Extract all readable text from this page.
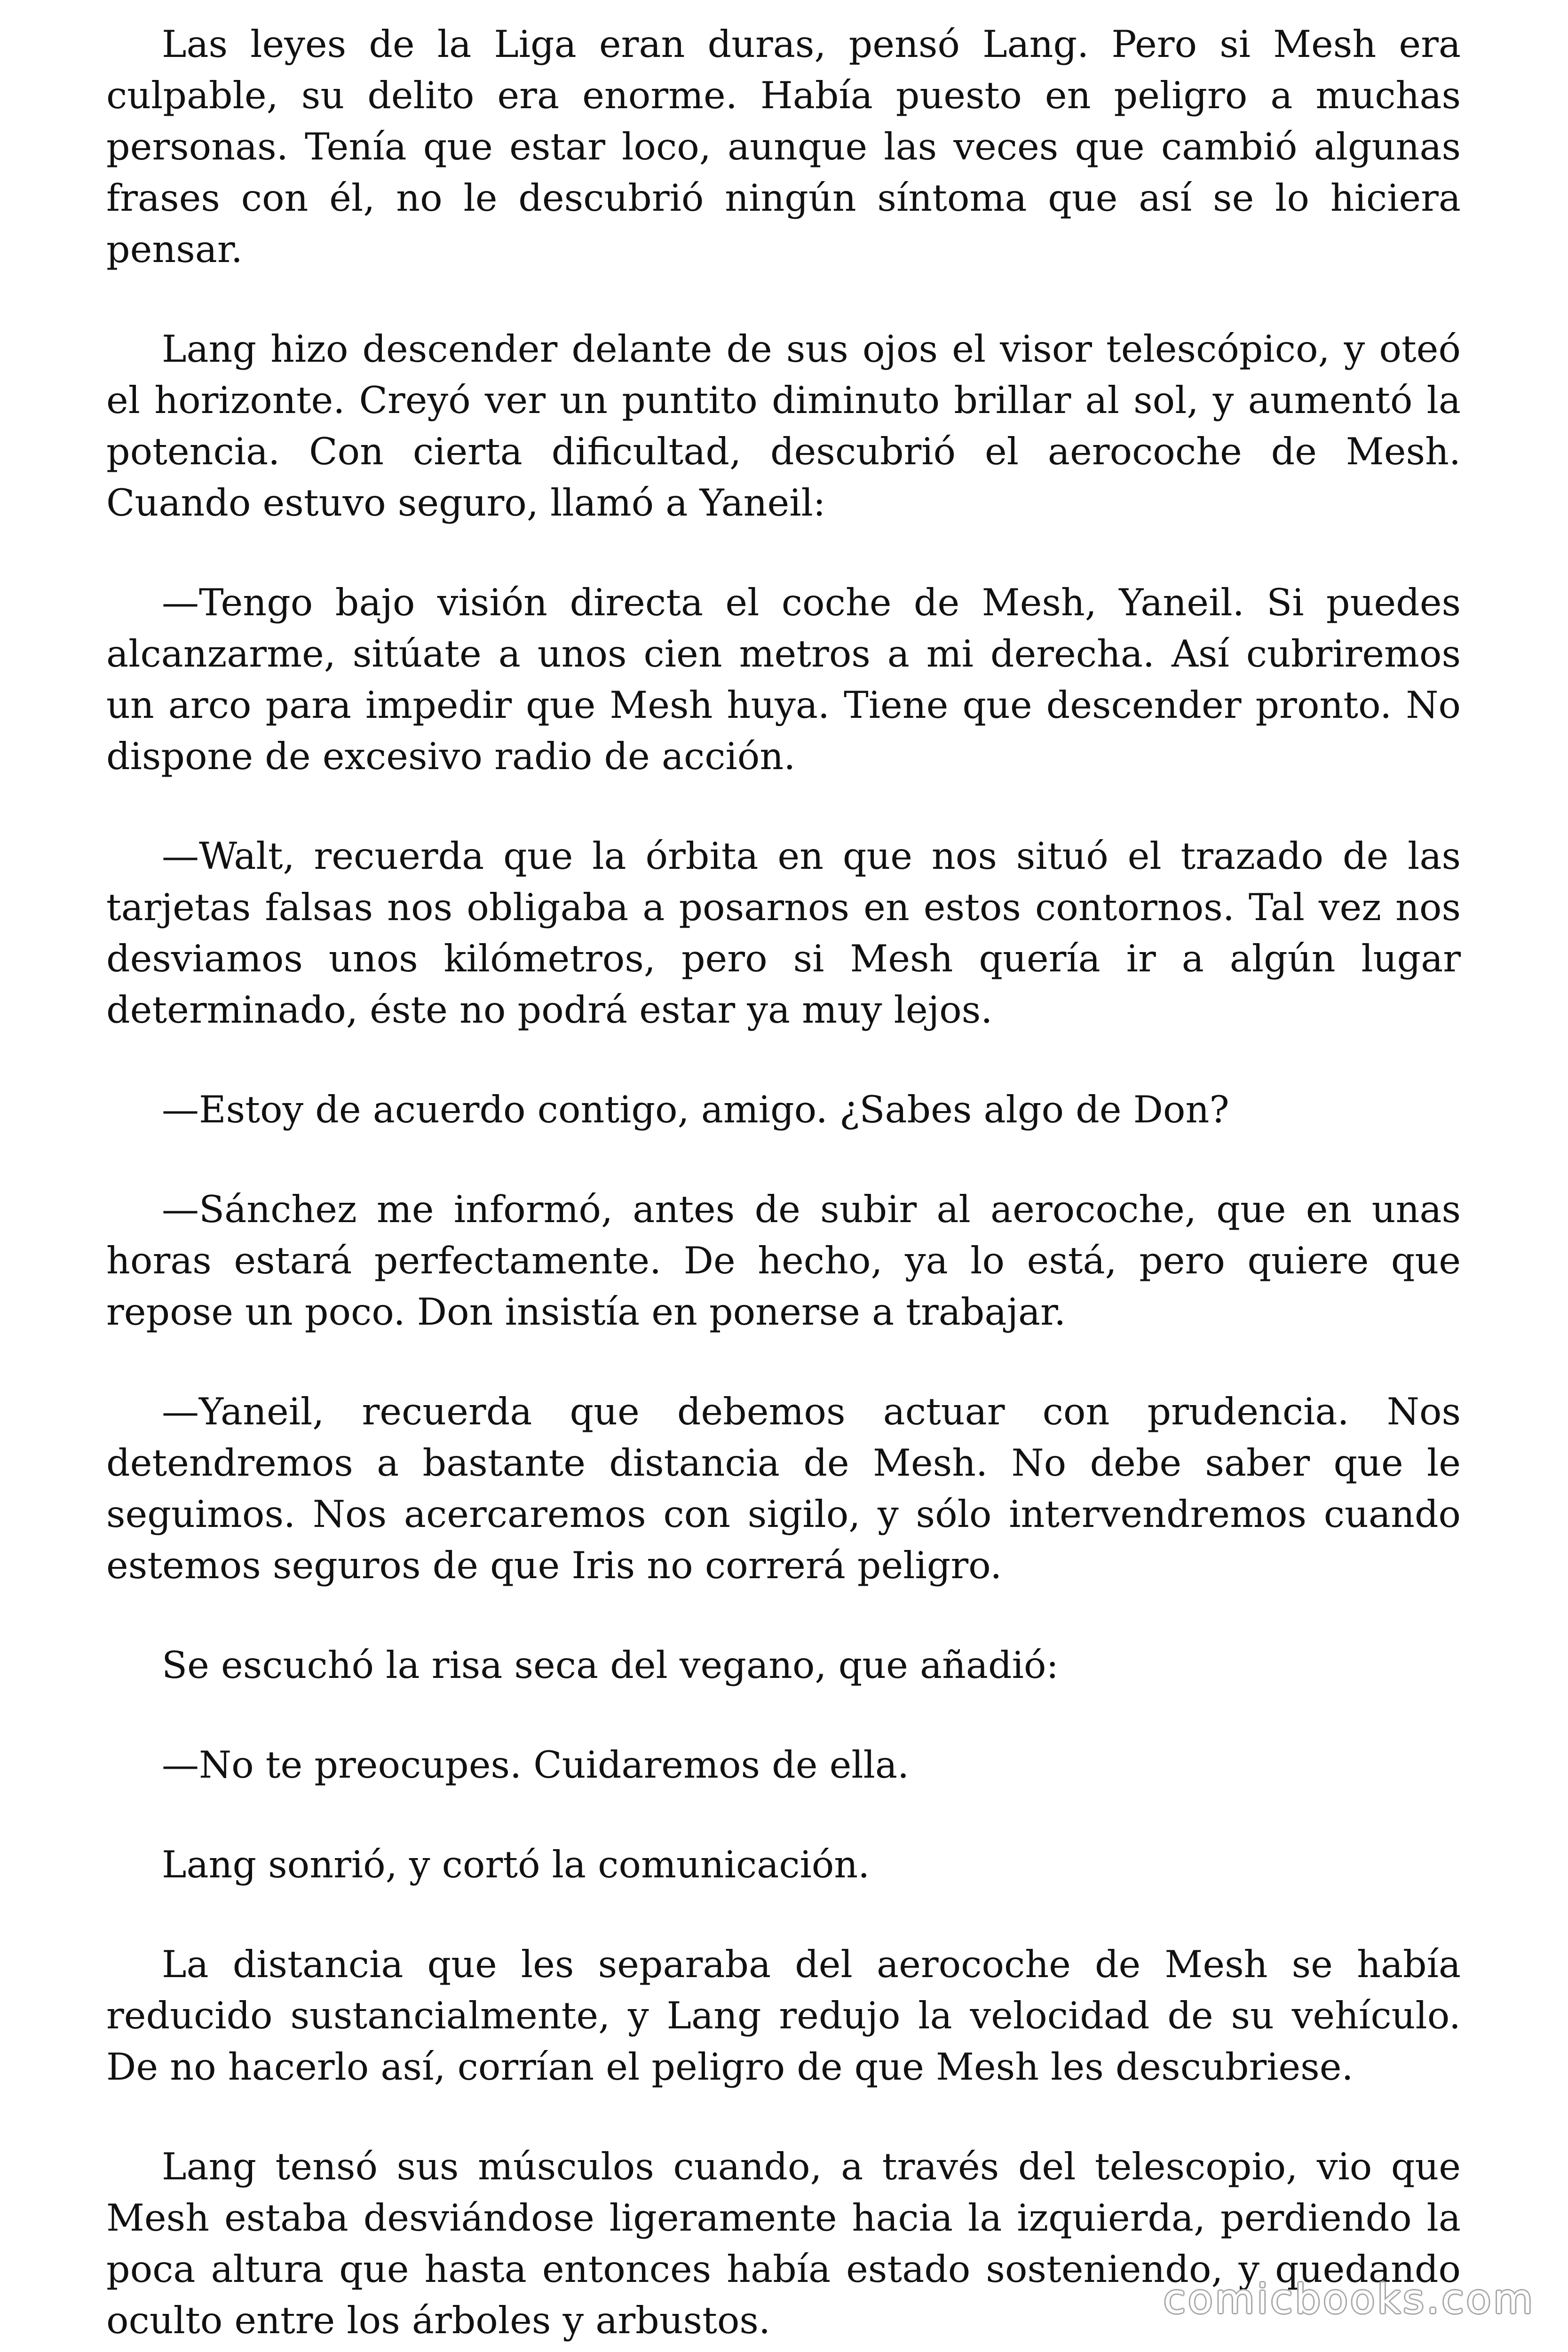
Las leyes de la Liga eran duras, pensó Lang. Pero si Mesh era culpable, su delito era enorme. Había puesto en peligro a muchas personas. Tenía que estar loco, aunque las veces que cambió algunas frases con él, no le descubrió ningún síntoma que así se lo hiciera pensar.

Lang hizo descender delante de sus ojos el visor telescópico, y oteó el horizonte. Creyó ver un puntito diminuto brillar al sol, y aumentó la potencia. Con cierta dificultad, descubrió el aerocoche de Mesh. Cuando estuvo seguro, llamó a Yaneil:

—Tengo bajo visión directa el coche de Mesh, Yaneil. Si puedes alcanzarme, sitúate a unos cien metros a mi derecha. Así cubriremos un arco para impedir que Mesh huya. Tiene que descender pronto. No dispone de excesivo radio de acción.

—Walt, recuerda que la órbita en que nos situó el trazado de las tarjetas falsas nos obligaba a posarnos en estos contornos. Tal vez nos desviamos unos kilómetros, pero si Mesh quería ir a algún lugar determinado, éste no podrá estar ya muy lejos.

—Estoy de acuerdo contigo, amigo. ¿Sabes algo de Don?

—Sánchez me informó, antes de subir al aerocoche, que en unas horas estará perfectamente. De hecho, ya lo está, pero quiere que repose un poco. Don insistía en ponerse a trabajar.

—Yaneil, recuerda que debemos actuar con prudencia. Nos detendremos a bastante distancia de Mesh. No debe saber que le seguimos. Nos acercaremos con sigilo, y sólo intervendremos cuando estemos seguros de que Iris no correrá peligro.

Se escuchó la risa seca del vegano, que añadió:

—No te preocupes. Cuidaremos de ella.

Lang sonrió, y cortó la comunicación.

La distancia que les separaba del aerocoche de Mesh se había reducido sustancialmente, y Lang redujo la velocidad de su vehículo. De no hacerlo así, corrían el peligro de que Mesh les descubriese.

Lang tensó sus músculos cuando, a través del telescopio, vio que Mesh estaba desviándose ligeramente hacia la izquierda, perdiendo la poca altura que hasta entonces había estado sosteniendo, y quedando oculto entre los árboles y arbustos.	comicbooks.com
